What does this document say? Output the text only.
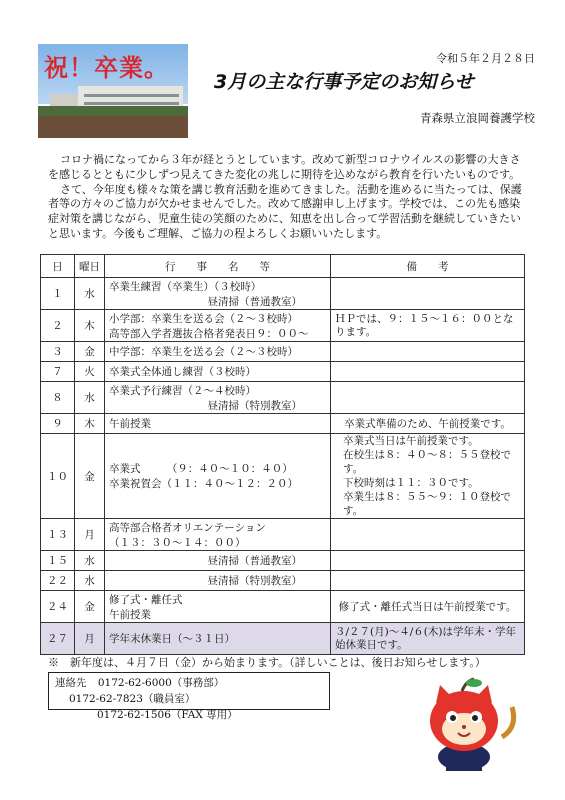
祝！卒業。 3月の主な行事予定のお知らせ
令和５年２月２８日
青森県立浪岡養護学校

コロナ禍になってから３年が経とうとしています。改めて新型コロナウイルスの影響の大きさを感じるとともに少しずつ見えてきた変化の兆しに期待を込めながら教育を行いたいものです。

さて、今年度も様々な策を講じ教育活動を進めてきました。活動を進めるに当たっては、保護者等の方々のご協力が欠かせませんでした。改めて感謝申し上げます。学校では、この先も感染症対策を講じながら、児童生徒の笑顔のために、知恵を出し合って学習活動を継続していきたいと思います。今後もご理解、ご協力の程よろしくお願いいたします。

日	曜日	行　　事　　名　　等	備　　考
１	水	卒業生練習（卒業生）（３校時）
昼清掃（普通教室）	

２	木	小学部：卒業生を送る会（２～３校時）
高等部入学者選抜合格者発表日９：００～	ＨＰでは、９：１５～１６：００となります。
３	金	中学部：卒業生を送る会（２～３校時）	
７	火	卒業式全体通し練習（３校時）	
８	水	卒業式予行練習（２～４校時）
昼清掃（特別教室）	

９	木	午前授業	卒業式準備のため、午前授業です。
１０	金	卒業式　　　（９：４０～１０：４０）
卒業祝賀会（１１：４０～１２：２０）	卒業式当日は午前授業です。
在校生は８：４０～８：５５登校です。
下校時刻は１１：３０です。
卒業生は８：５５～９：１０登校です。

１３	月	高等部合格者オリエンテーション
（１３：３０～１４：００）	

１５	水	昼清掃（普通教室）	

２２	水	昼清掃（特別教室）	

２４	金	修了式・離任式
午前授業	修了式・離任式当日は午前授業です。
２７	月	学年末休業日（～３１日）	３/２７(月)～４/６(木)は学年末・学年始休業日です。
※　新年度は、４月７日（金）から始まります。（詳しいことは、後日お知らせします。）
連絡先 0172-62-6000（事務部） 0172-62-7823（職員室）
0172-62-1506（FAX 専用）
